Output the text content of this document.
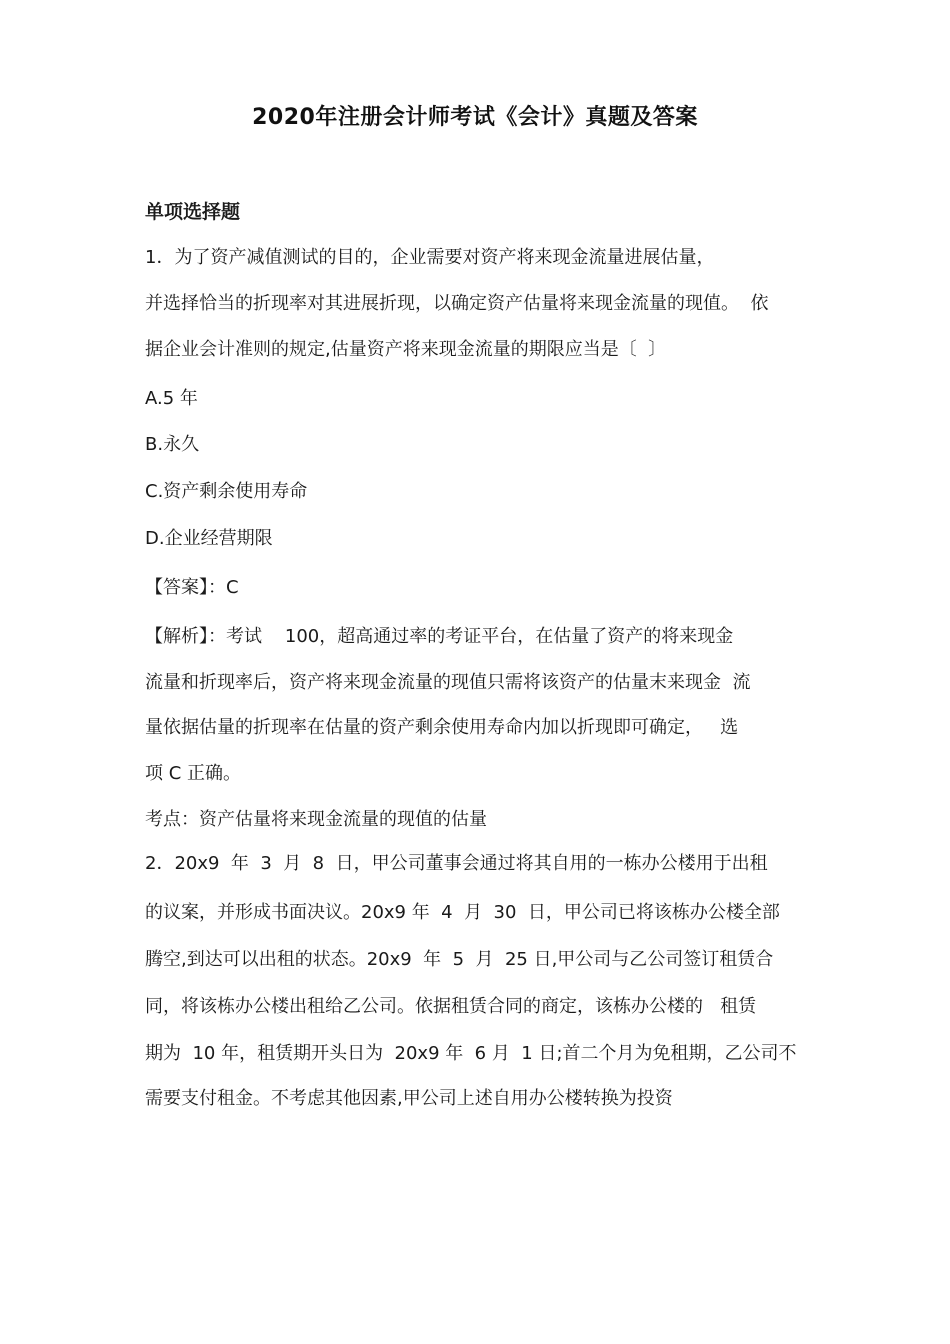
2020年注册会计师考试《会计》真题及答案
单项选择题
1．为了资产减值测试的目的，企业需要对资产将来现金流量进展估量，
并选择恰当的折现率对其进展折现，以确定资产估量将来现金流量的现值。  依
据企业会计准则的规定,估量资产将来现金流量的期限应当是〔  〕
A.5 年
B.永久
C.资产剩余使用寿命
D.企业经营期限
【答案】：C
【解析】：考试    100，超高通过率的考证平台，在估量了资产的将来现金
流量和折现率后，资产将来现金流量的现值只需将该资产的估量末来现金  流
量依据估量的折现率在估量的资产剩余使用寿命内加以折现即可确定，   选
项 C 正确。
考点：资产估量将来现金流量的现值的估量
2．20x9  年  3  月  8  日，甲公司董事会通过将其自用的一栋办公楼用于出租
的议案，并形成书面决议。20x9 年  4  月  30  日，甲公司已将该栋办公楼全部
腾空,到达可以出租的状态。20x9  年  5  月  25 日,甲公司与乙公司签订租赁合
同，将该栋办公楼出租给乙公司。依据租赁合同的商定，该栋办公楼的   租赁
期为  10 年，租赁期开头日为  20x9 年  6 月  1 日;首二个月为免租期，乙公司不
需要支付租金。不考虑其他因素,甲公司上述自用办公楼转换为投资
